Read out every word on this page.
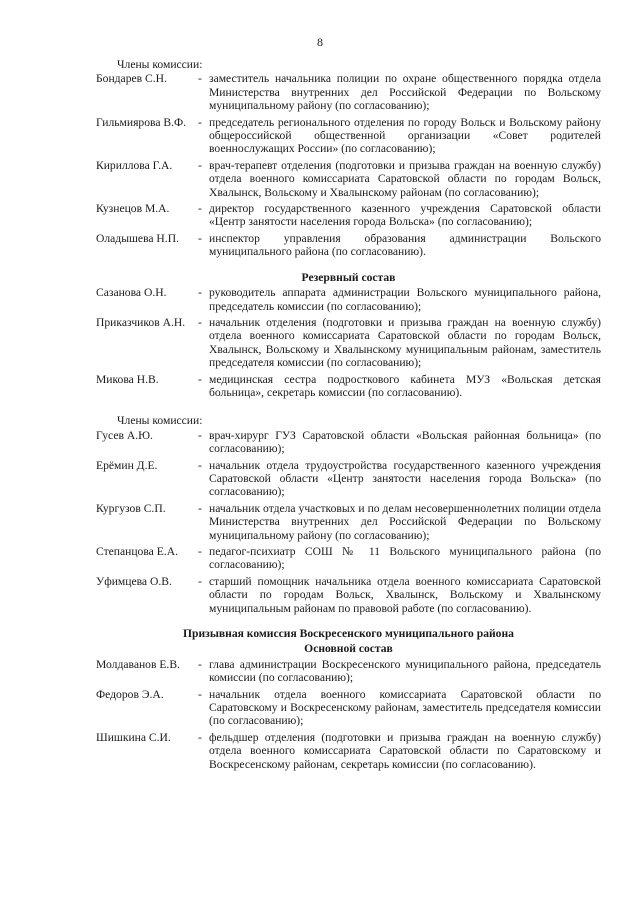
8
Члены комиссии:
Бондарев С.Н.	- заместитель начальника полиции по охране общественного порядка отдела Министерства внутренних дел Российской Федерации по Вольскому муниципальному району (по согласованию);
Гильмиярова В.Ф.	- председатель регионального отделения по городу Вольск и Вольскому району общероссийской общественной организации «Совет родителей военнослужащих России» (по согласованию);
Кириллова Г.А.	- врач-терапевт отделения (подготовки и призыва граждан на военную службу) отдела военного комиссариата Саратовской области по городам Вольск, Хвалынск, Вольскому и Хвалынскому районам (по согласованию);
Кузнецов М.А.	- директор государственного казенного учреждения Саратовской области «Центр занятости населения города Вольска» (по согласованию);
Оладышева Н.П.	- инспектор управления образования администрации Вольского муниципального района (по согласованию).
Резервный состав
Сазанова О.Н.	- руководитель аппарата администрации Вольского муниципального района, председатель комиссии (по согласованию);
Приказчиков А.Н.	- начальник отделения (подготовки и призыва граждан на военную службу) отдела военного комиссариата Саратовской области по городам Вольск, Хвалынск, Вольскому и Хвалынскому муниципальным районам, заместитель председателя комиссии (по согласованию);
Микова Н.В.	- медицинская сестра подросткового кабинета МУЗ «Вольская детская больница», секретарь комиссии (по согласованию).
Члены комиссии:
Гусев А.Ю.	- врач-хирург ГУЗ Саратовской области «Вольская районная больница» (по согласованию);
Ерёмин Д.Е.	- начальник отдела трудоустройства государственного казенного учреждения Саратовской области «Центр занятости населения города Вольска» (по согласованию);
Кургузов С.П.	- начальник отдела участковых и по делам несовершеннолетних полиции отдела Министерства внутренних дел Российской Федерации по Вольскому муниципальному району (по согласованию);
Степанцова Е.А.	- педагог-психиатр СОШ № 11 Вольского муниципального района (по согласованию);
Уфимцева О.В.	- старший помощник начальника отдела военного комиссариата Саратовской области по городам Вольск, Хвалынск, Вольскому и Хвалынскому муниципальным районам по правовой работе (по согласованию).
Призывная комиссия Воскресенского муниципального района
Основной состав
Молдаванов Е.В.	- глава администрации Воскресенского муниципального района, председатель комиссии (по согласованию);
Федоров Э.А.	- начальник отдела военного комиссариата Саратовской области по Саратовскому и Воскресенскому районам, заместитель председателя комиссии (по согласованию);
Шишкина С.И.	- фельдшер отделения (подготовки и призыва граждан на военную службу) отдела военного комиссариата Саратовской области по Саратовскому и Воскресенскому районам, секретарь комиссии (по согласованию).
